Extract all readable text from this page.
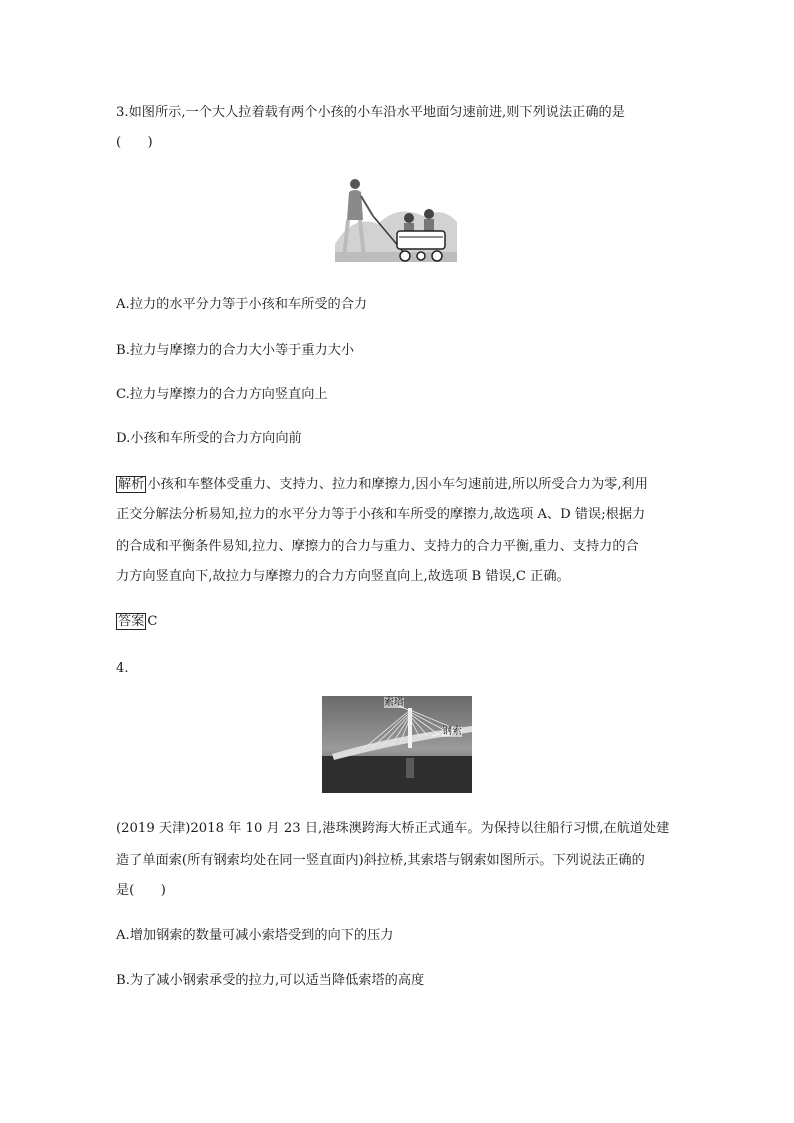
3.如图所示,一个大人拉着载有两个小孩的小车沿水平地面匀速前进,则下列说法正确的是
(　　)
A.拉力的水平分力等于小孩和车所受的合力
B.拉力与摩擦力的合力大小等于重力大小
C.拉力与摩擦力的合力方向竖直向上
D.小孩和车所受的合力方向向前
解析 小孩和车整体受重力、支持力、拉力和摩擦力,因小车匀速前进,所以所受合力为零,利用
正交分解法分析易知,拉力的水平分力等于小孩和车所受的摩擦力,故选项 A、D 错误;根据力
的合成和平衡条件易知,拉力、摩擦力的合力与重力、支持力的合力平衡,重力、支持力的合
力方向竖直向下,故拉力与摩擦力的合力方向竖直向上,故选项 B 错误,C 正确。
答案 C
4.
索塔
钢索
(2019 天津)2018 年 10 月 23 日,港珠澳跨海大桥正式通车。为保持以往船行习惯,在航道处建
造了单面索(所有钢索均处在同一竖直面内)斜拉桥,其索塔与钢索如图所示。下列说法正确的
是(　　)
A.增加钢索的数量可减小索塔受到的向下的压力
B.为了减小钢索承受的拉力,可以适当降低索塔的高度
